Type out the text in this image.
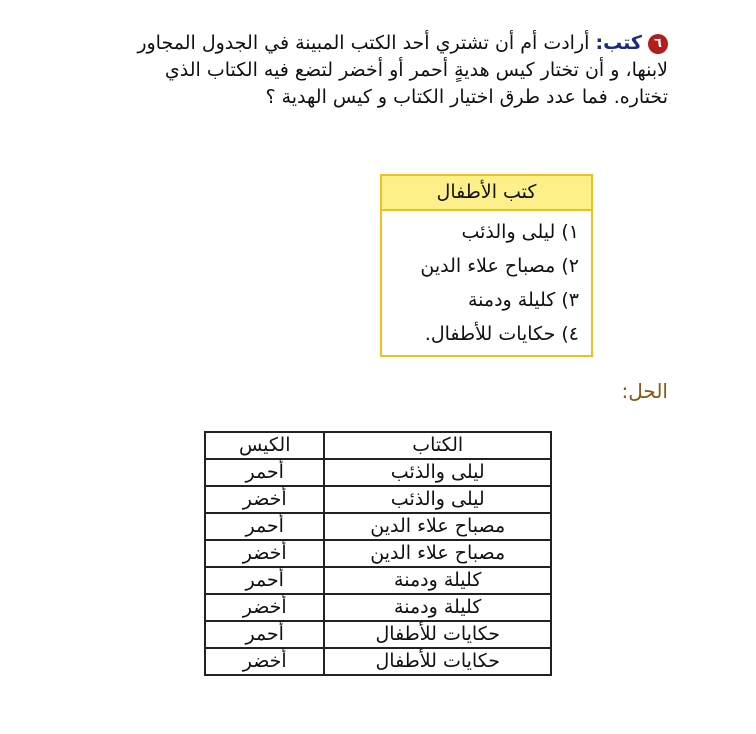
٦كتب: أرادت أم أن تشتري أحد الكتب المبينة في الجدول المجاور لابنها، و أن تختار كيس هديةٍ أحمر أو أخضر لتضع فيه الكتاب الذي تختاره. فما عدد طرق اختيار الكتاب و كيس الهدية ؟
كتب الأطفال
١) ليلى والذئب
٢) مصباح علاء الدين
٣) كليلة ودمنة
٤) حكايات للأطفال.
الحل:
الكتاب	الكيس
ليلى والذئب	أحمر
ليلى والذئب	أخضر
مصباح علاء الدين	أحمر
مصباح علاء الدين	أخضر
كليلة ودمنة	أحمر
كليلة ودمنة	أخضر
حكايات للأطفال	أحمر
حكايات للأطفال	أخضر
